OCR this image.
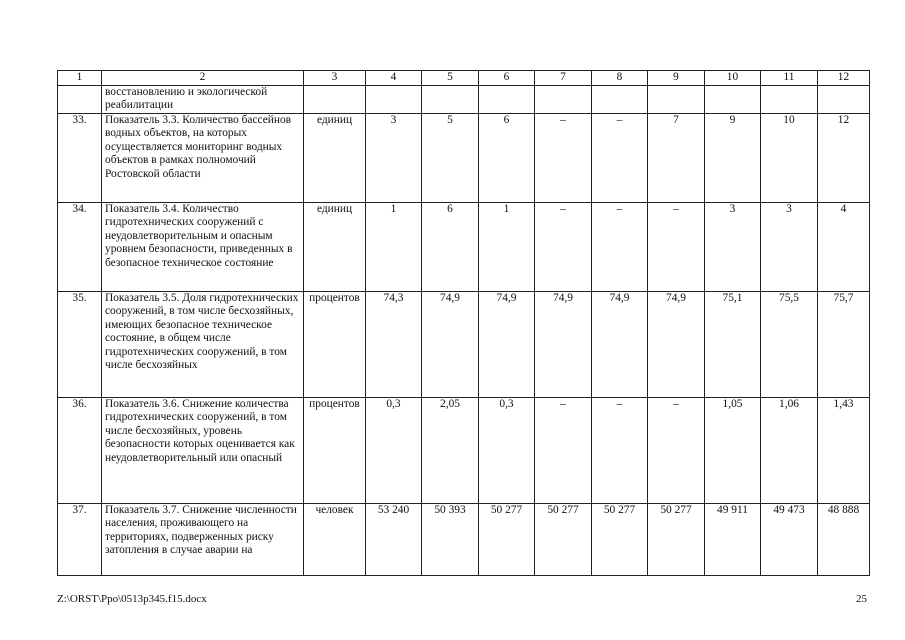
1	2	3	4	5	6	7	8	9	10	11	12
	восстановлению и экологической реабилитации										
33.	Показатель 3.3. Количество бассейнов водных объектов, на которых осуществляется мониторинг водных объектов в рамках полномочий Ростовской области	единиц	3	5	6	–	–	7	9	10	12
34.	Показатель 3.4. Количество гидротехнических сооружений с неудовлетворительным и опасным уровнем безопасности, приведенных в безопасное техническое состояние	единиц	1	6	1	–	–	–	3	3	4
35.	Показатель 3.5. Доля гидротехнических сооружений, в том числе бесхозяйных, имеющих безопасное техническое состояние, в общем числе гидротехнических сооружений, в том числе бесхозяйных	процентов	74,3	74,9	74,9	74,9	74,9	74,9	75,1	75,5	75,7
36.	Показатель 3.6. Снижение количества гидротехнических сооружений, в том числе бесхозяйных, уровень безопасности которых оценивается как неудовлетворительный или опасный	процентов	0,3	2,05	0,3	–	–	–	1,05	1,06	1,43
37.	Показатель 3.7. Снижение численности населения, проживающего на территориях, подверженных риску затопления в случае аварии на	человек	53 240	50 393	50 277	50 277	50 277	50 277	49 911	49 473	48 888
Z:\ORST\Ppo\0513p345.f15.docx	25
